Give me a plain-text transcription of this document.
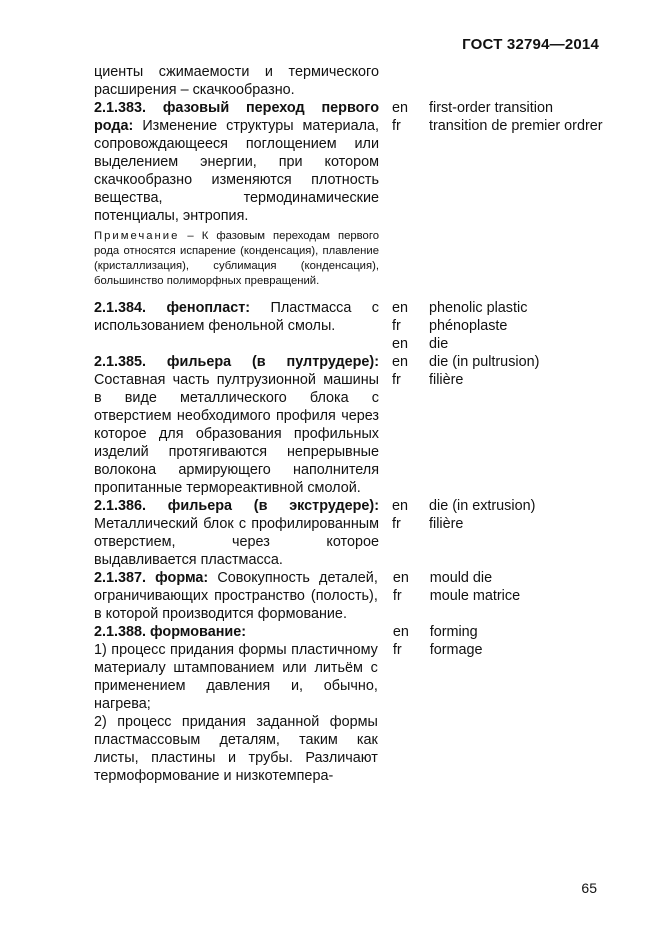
ГОСТ 32794—2014
циенты сжимаемости и термического расширения – скачкообразно.
2.1.383. фазовый переход первого рода: Изменение структуры материала, сопровождающееся поглощением или выделением энергии, при котором скачкообразно изменяются плотность вещества, термодинамические потенциалы, энтропия.
en
fr
first-order transition
transition de premier ordrer
Примечание – К фазовым переходам первого рода относятся испарение (конденсация), плавление (кристаллизация), сублимация (конденсация), большинство полиморфных превращений.
2.1.384. фенопласт: Пластмасса с использованием фенольной смолы.
en
fr
en
phenolic plastic
phénoplaste
die
2.1.385. фильера (в пултрудере): Составная часть пултрузионной машины в виде металлического блока с отверстием необходимого профиля через которое для образования профильных изделий протягиваются непрерывные волокона армирующего наполнителя пропитанные термореактивной смолой.
en
fr
die (in pultrusion)
filière
2.1.386. фильера (в экструдере): Металлический блок с профилированным отверстием, через которое выдавливается пластмасса.
en
fr
die (in extrusion)
filière
2.1.387. форма: Совокупность деталей, ограничивающих пространство (полость), в которой производится формование.
en
fr
mould die
moule matrice
2.1.388. формование:
1) процесс придания формы пластичному материалу штампованием или литьём с применением давления и, обычно, нагрева;
2) процесс придания заданной формы пластмассовым деталям, таким как листы, пластины и трубы. Различают термоформование и низкотемпера-
en
fr
forming
formage
65
